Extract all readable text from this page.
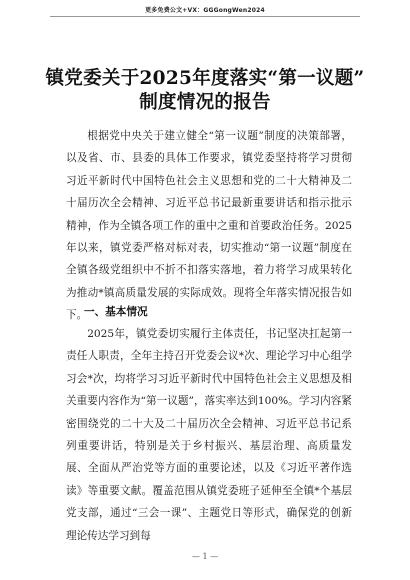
更多免费公文+VX：GGGongWen2024
镇党委关于2025年度落实“第一议题”
制度情况的报告
根据党中央关于建立健全“第一议题”制度的决策部署，以及省、市、县委的具体工作要求，镇党委坚持将学习贯彻习近平新时代中国特色社会主义思想和党的二十大精神及二十届历次全会精神、习近平总书记最新重要讲话和指示批示精神，作为全镇各项工作的重中之重和首要政治任务。2025年以来，镇党委严格对标对表，切实推动“第一议题”制度在全镇各级党组织中不折不扣落实落地，着力将学习成果转化为推动*镇高质量发展的实际成效。现将全年落实情况报告如下。
一、基本情况
2025年，镇党委切实履行主体责任，书记坚决扛起第一责任人职责，全年主持召开党委会议*次、理论学习中心组学习会*次，均将学习习近平新时代中国特色社会主义思想及相关重要内容作为“第一议题”，落实率达到100%。学习内容紧密围绕党的二十大及二十届历次全会精神、习近平总书记系列重要讲话，特别是关于乡村振兴、基层治理、高质量发展、全面从严治党等方面的重要论述，以及《习近平著作选读》等重要文献。覆盖范围从镇党委班子延伸至全镇*个基层党支部，通过“三会一课”、主题党日等形式，确保党的创新理论传达学习到每
— 1 —
